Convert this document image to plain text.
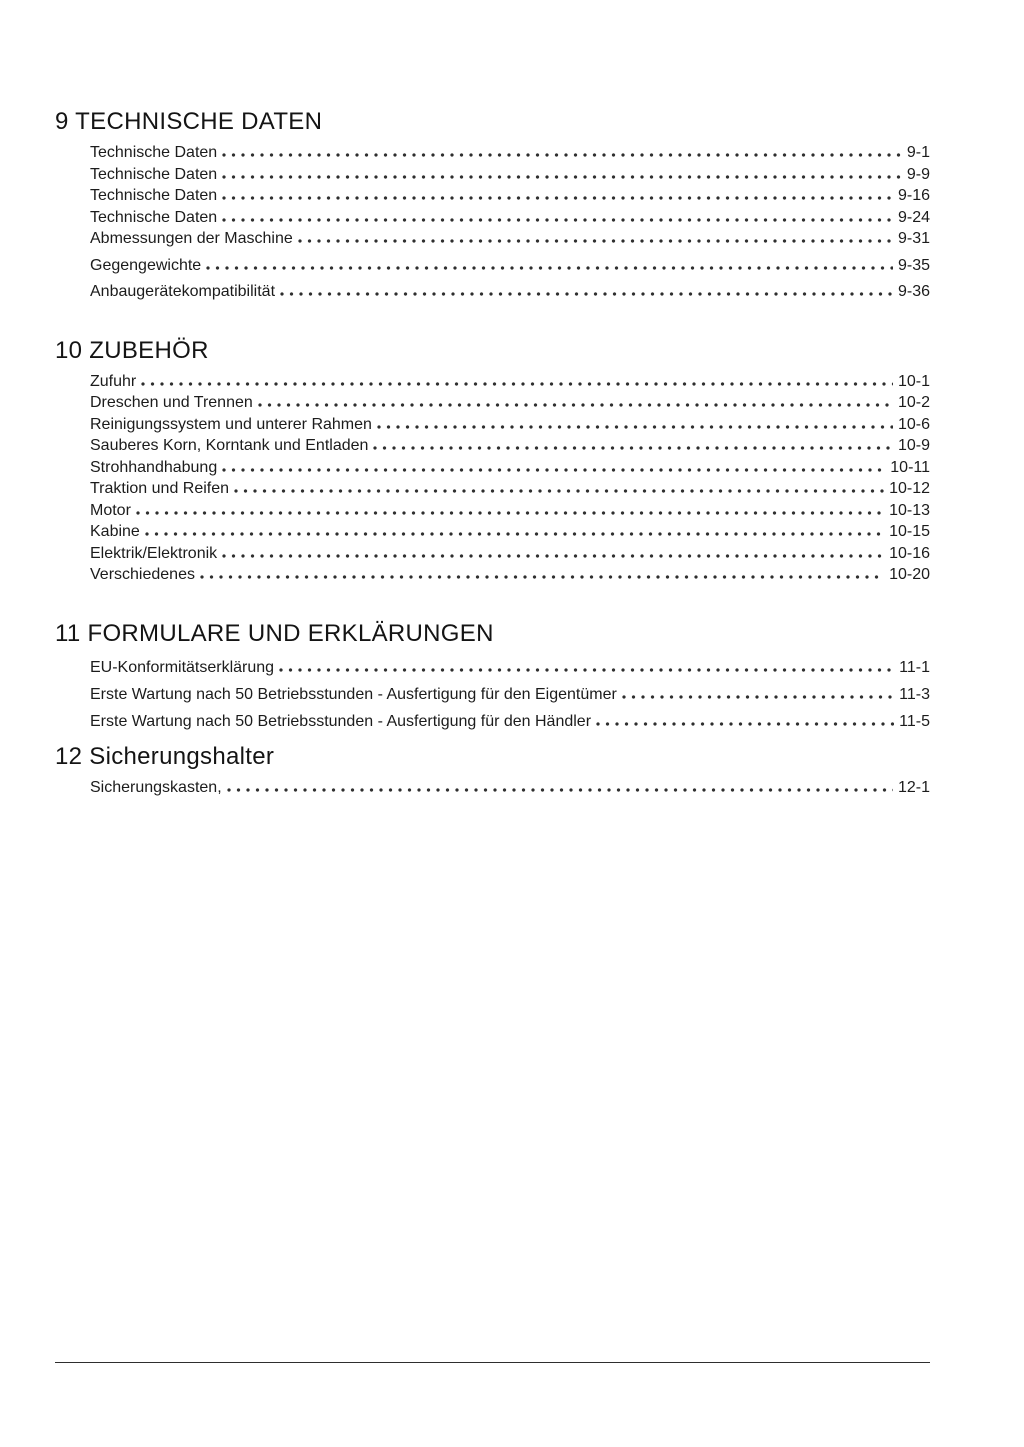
9 TECHNISCHE DATEN
Technische Daten	9-1
Technische Daten	9-9
Technische Daten	9-16
Technische Daten	9-24
Abmessungen der Maschine	9-31
Gegengewichte	9-35
Anbaugerätekompatibilität	9-36
10 ZUBEHÖR
Zufuhr	10-1
Dreschen und Trennen	10-2
Reinigungssystem und unterer Rahmen	10-6
Sauberes Korn, Korntank und Entladen	10-9
Strohhandhabung	10-11
Traktion und Reifen	10-12
Motor	10-13
Kabine	10-15
Elektrik/Elektronik	10-16
Verschiedenes	10-20
11 FORMULARE UND ERKLÄRUNGEN
EU-Konformitätserklärung	11-1
Erste Wartung nach 50 Betriebsstunden - Ausfertigung für den Eigentümer	11-3
Erste Wartung nach 50 Betriebsstunden - Ausfertigung für den Händler	11-5
12 Sicherungshalter
Sicherungskasten,	12-1
